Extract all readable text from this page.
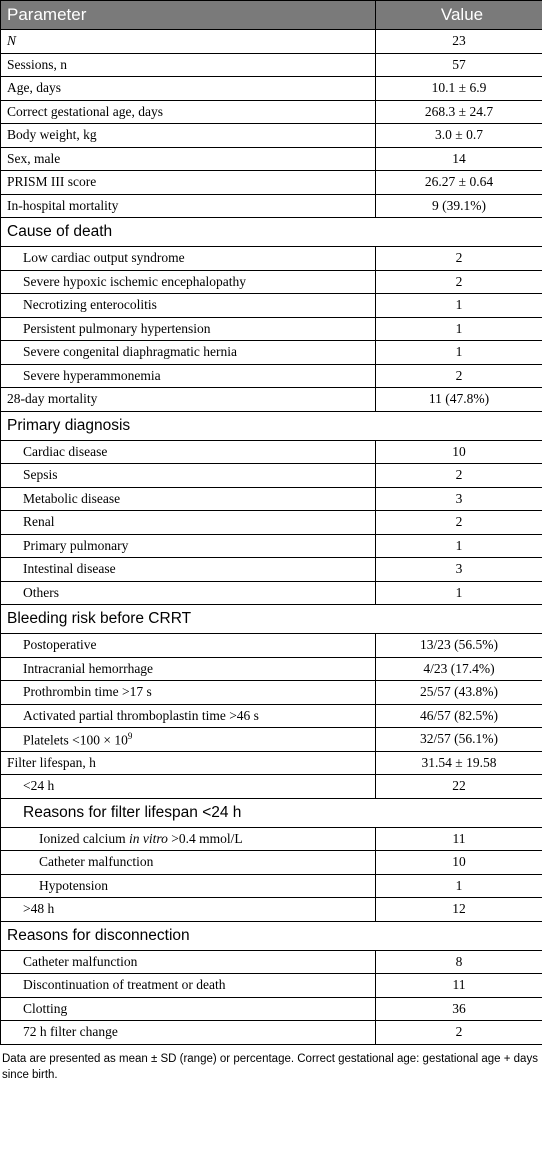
Parameter	Value
N	23
Sessions, n	57
Age, days	10.1 ± 6.9
Correct gestational age, days	268.3 ± 24.7
Body weight, kg	3.0 ± 0.7
Sex, male	14
PRISM III score	26.27 ± 0.64
In-hospital mortality	9 (39.1%)
Cause of death	
Low cardiac output syndrome	2
Severe hypoxic ischemic encephalopathy	2
Necrotizing enterocolitis	1
Persistent pulmonary hypertension	1
Severe congenital diaphragmatic hernia	1
Severe hyperammonemia	2
28-day mortality	11 (47.8%)
Primary diagnosis	
Cardiac disease	10
Sepsis	2
Metabolic disease	3
Renal	2
Primary pulmonary	1
Intestinal disease	3
Others	1
Bleeding risk before CRRT	
Postoperative	13/23 (56.5%)
Intracranial hemorrhage	4/23 (17.4%)
Prothrombin time >17 s	25/57 (43.8%)
Activated partial thromboplastin time >46 s	46/57 (82.5%)
Platelets $<100 \times 10^9$	32/57 (56.1%)
Filter lifespan, h	31.54 ± 19.58
<24 h	22
Reasons for filter lifespan <24 h	
Ionized calcium in vitro >0.4 mmol/L	11
Catheter malfunction	10
Hypotension	1
>48 h	12
Reasons for disconnection	
Catheter malfunction	8
Discontinuation of treatment or death	11
Clotting	36
72 h filter change	2
Data are presented as mean ± SD (range) or percentage. Correct gestational age: gestational age + days since birth.
